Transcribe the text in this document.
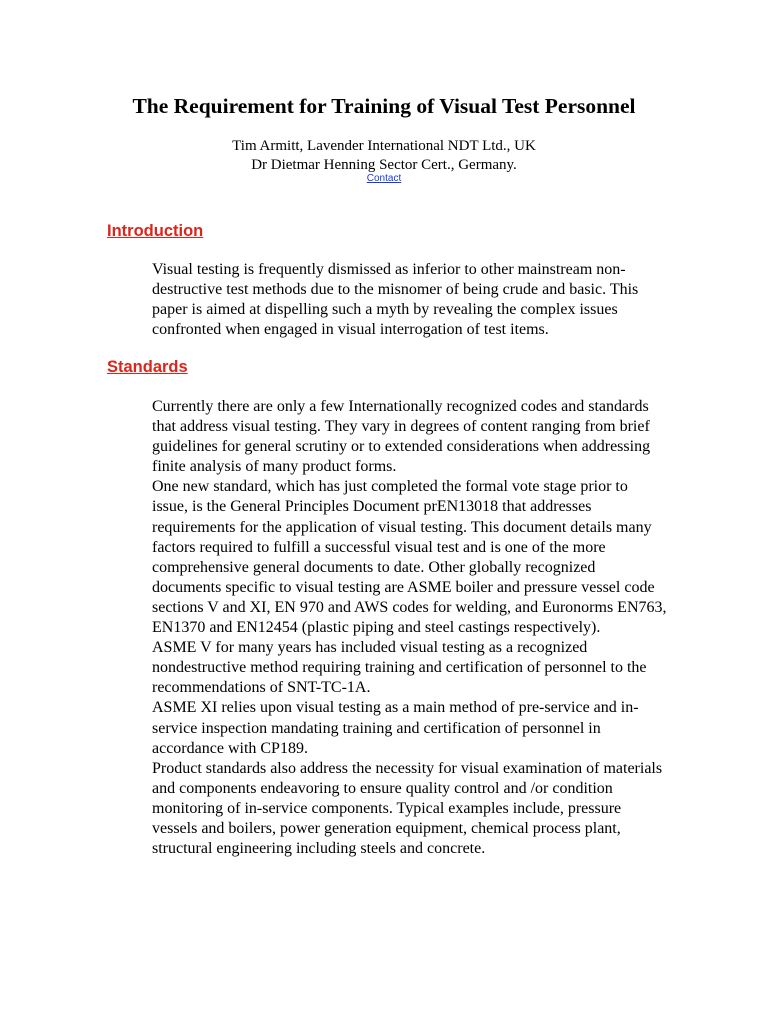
The Requirement for Training of Visual Test Personnel
Tim Armitt, Lavender International NDT Ltd., UK
Dr Dietmar Henning Sector Cert., Germany.
Contact
Introduction

Visual testing is frequently dismissed as inferior to other mainstream non-destructive test methods due to the misnomer of being crude and basic. This paper is aimed at dispelling such a myth by revealing the complex issues confronted when engaged in visual interrogation of test items.

Standards
Currently there are only a few Internationally recognized codes and standards that address visual testing. They vary in degrees of content ranging from brief guidelines for general scrutiny or to extended considerations when addressing finite analysis of many product forms.
One new standard, which has just completed the formal vote stage prior to issue, is the General Principles Document prEN13018 that addresses requirements for the application of visual testing. This document details many factors required to fulfill a successful visual test and is one of the more comprehensive general documents to date. Other globally recognized documents specific to visual testing are ASME boiler and pressure vessel code sections V and XI, EN 970 and AWS codes for welding, and Euronorms EN763, EN1370 and EN12454 (plastic piping and steel castings respectively).
ASME V for many years has included visual testing as a recognized nondestructive method requiring training and certification of personnel to the recommendations of SNT-TC-1A.
ASME XI relies upon visual testing as a main method of pre-service and in-service inspection mandating training and certification of personnel in accordance with CP189.
Product standards also address the necessity for visual examination of materials and components endeavoring to ensure quality control and /or condition monitoring of in-service components. Typical examples include, pressure vessels and boilers, power generation equipment, chemical process plant, structural engineering including steels and concrete.
